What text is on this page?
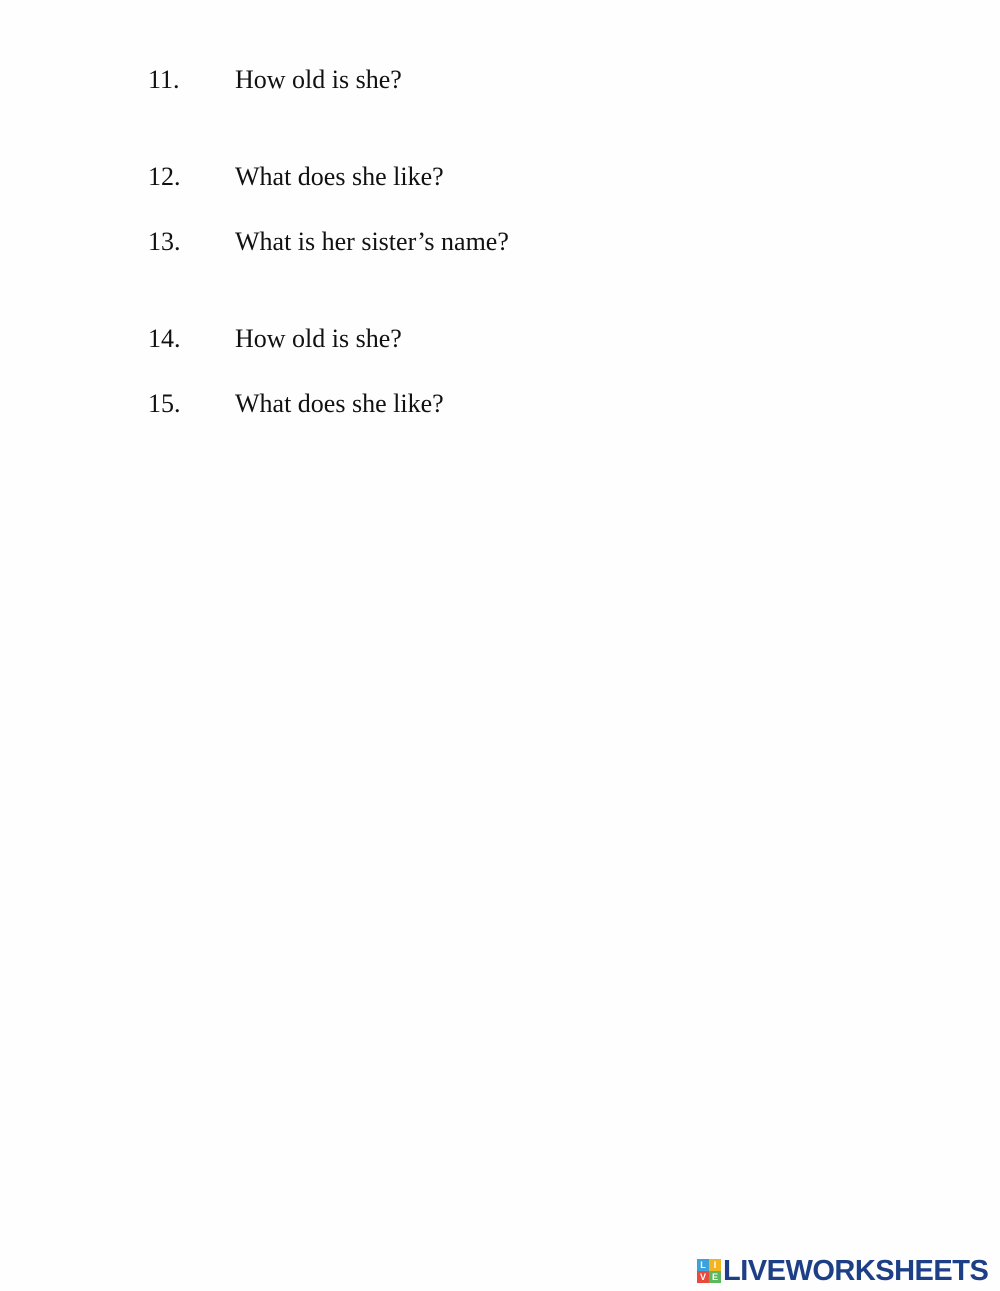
11. How old is she?
12. What does she like?
13. What is her sister’s name?
14. How old is she?
15. What does she like?
L I
V E LIVEWORKSHEETS
